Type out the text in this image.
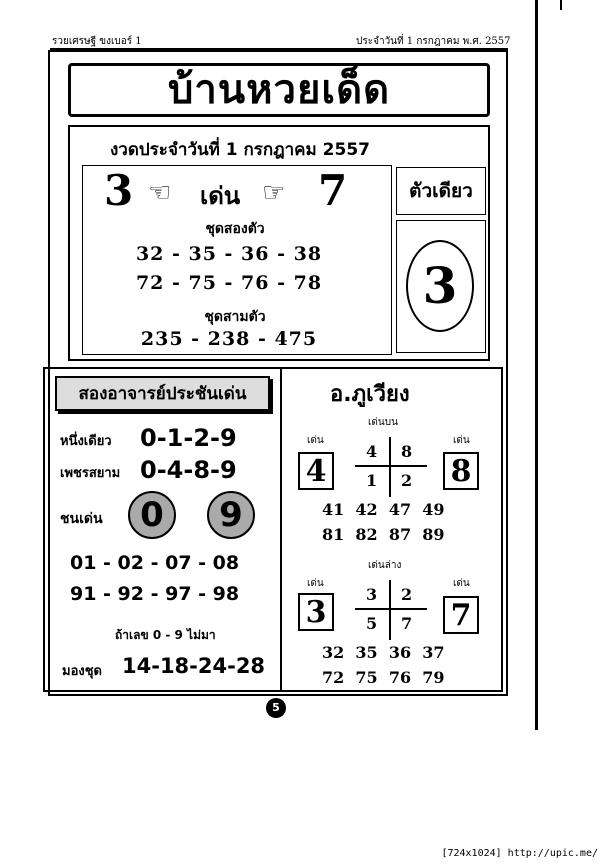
รวยเศรษฐี ขงเบอร์ 1	ประจำวันที่ 1 กรกฎาคม พ.ศ. 2557
บ้านหวยเด็ด
งวดประจำวันที่ 1 กรกฎาคม 2557
3 ☜ เด่น ☞ 7
ชุดสองตัว
32 - 35 - 36 - 38
72 - 75 - 76 - 78
ชุดสามตัว
235 - 238 - 475
ตัวเดียว
3
สองอาจารย์ประชันเด่น
หนึ่งเดียว 0-1-2-9
เพชรสยาม 0-4-8-9
ชนเด่น 0 9
01 - 02 - 07 - 08
91 - 92 - 97 - 98
ถ้าเลข 0 - 9 ไม่มา
มองชุด 14-18-24-28
อ.ภูเวียง
เด่นบน
เด่น	เด่น
4	8
4 8
1 2
41  42  47  49
81  82  87  89
เด่นล่าง
เด่น	เด่น
3	7
3 2
5 7
32  35  36  37
72  75  76  79
5
[724x1024] http://upic.me/
